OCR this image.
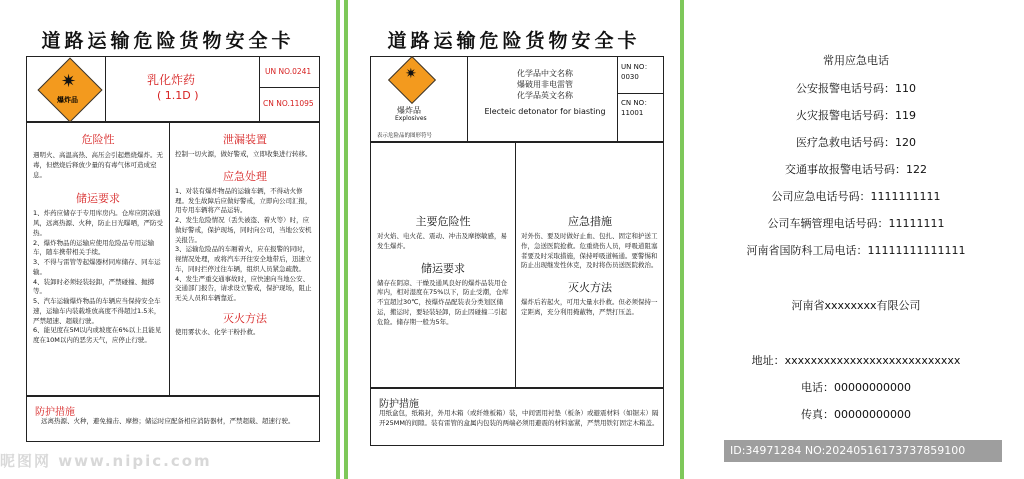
道路运输危险货物安全卡
✷
爆炸品
乳化炸药
( 1.1D )
UN NO.0241
CN NO.11095
危险性
遇明火、高温高热、高压会引起燃烧爆炸。无毒，但燃烧后释放少量的有毒气体可造成窒息。
储运要求
1、炸药应储存于专用库房内。仓库应阴凉通风，远离热源、火种，防止日光曝晒，严防受热。
2、爆炸物品的运输应使用危险品专用运输车，随车携带相关手续。
3、不得与雷管等起爆器材同库储存、同车运输。
4、装卸时必须轻装轻卸，严禁碰撞、抛掷等。
5、汽车运输爆炸物品的车辆应当保持安全车速，运输车内装载堆放高度不得超过1.5米，严禁超速、超载行驶。
6、能见度在5M以内或坡度在6%以上且能见度在10M以内的恶劣天气，应停止行驶。
泄漏装置
控制一切火源，做好警戒，立即收集进行转移。
应急处理
1、对装有爆炸物品的运输车辆，不得动火修理。发生故障后应做好警戒，立即向公司汇报，用专用车辆将产品运转。
2、发生危险情况（丢失被盗、着火等）时，应做好警戒，保护现场，同时向公司，当地公安机关报告。
3、运输危险品的车厢着火，应在报警的同时，视情况处理，或将汽车开往安全地带后，迅速立车，同时拦停过往车辆，组织人员紧急疏散。
4、发生严重交通事故时，应快速向当地公安、交通部门报告，请求设立警戒，保护现场，阻止无关人员和车辆靠近。
灭火方法
使用雾状水、化学干粉扑救。
防护措施
远离热源、火种，避免撞击、摩擦；储运时应配备相应消防器材，严禁超载、超速行驶。
道路运输危险货物安全卡
✷
爆炸品
Explosives
表示危险品的图形符号
化学品中文名称
爆破用非电雷管
化学品英文名称
Electeic detonator for biasting
UN NO：
0030
CN NO：
11001
主要危险性
对火焰、电火花、震动、冲击及摩擦敏感，易发生爆炸。
储运要求
储存在阴凉、干燥及通风良好的爆炸品装用仓库内，相对湿度在75%以下，防止受潮，仓库不宜超过30℃，按爆炸品配装表分类划区储运，搬运时，要轻装轻卸，防止因碰撞二引起危险。储存期一般为5年。
应急措施
对外伤、要及时做好止血、包扎、固定和护送工作，急送医院抢救。危重烧伤人员，呼吸道阻塞者要及时采取措施，保持呼吸道畅通。要警惕和防止出现继发性休克，及时将伤员送医院救治。
灭火方法
爆炸后若起火，可用大量水扑救。但必须保持一定距离，充分利用掩蔽物，严禁打压盖。
防护措施
用纸盒包，纸箱封，外用木箱（或纤维板箱）装，中间需用衬垫（板条）或避震材料（如锯末）隔开25MM的间隙。装有雷管的盒属内包装的两端必须用避震的材料塞紧，严禁用铁钉固定木箱盖。
常用应急电话
公安报警电话号码：110
火灾报警电话号码：119
医疗急救电话号码：120
交通事故报警电话号码：122
公司应急电话号码：1111111111
公司车辆管理电话号码：11111111
河南省国防科工局电话：11111111111111
河南省xxxxxxxx有限公司
地址：xxxxxxxxxxxxxxxxxxxxxxxxxxx
电话：00000000000
传真：00000000000
昵图网 www.nipic.com
ID:34971284 NO:20240516173737859100
